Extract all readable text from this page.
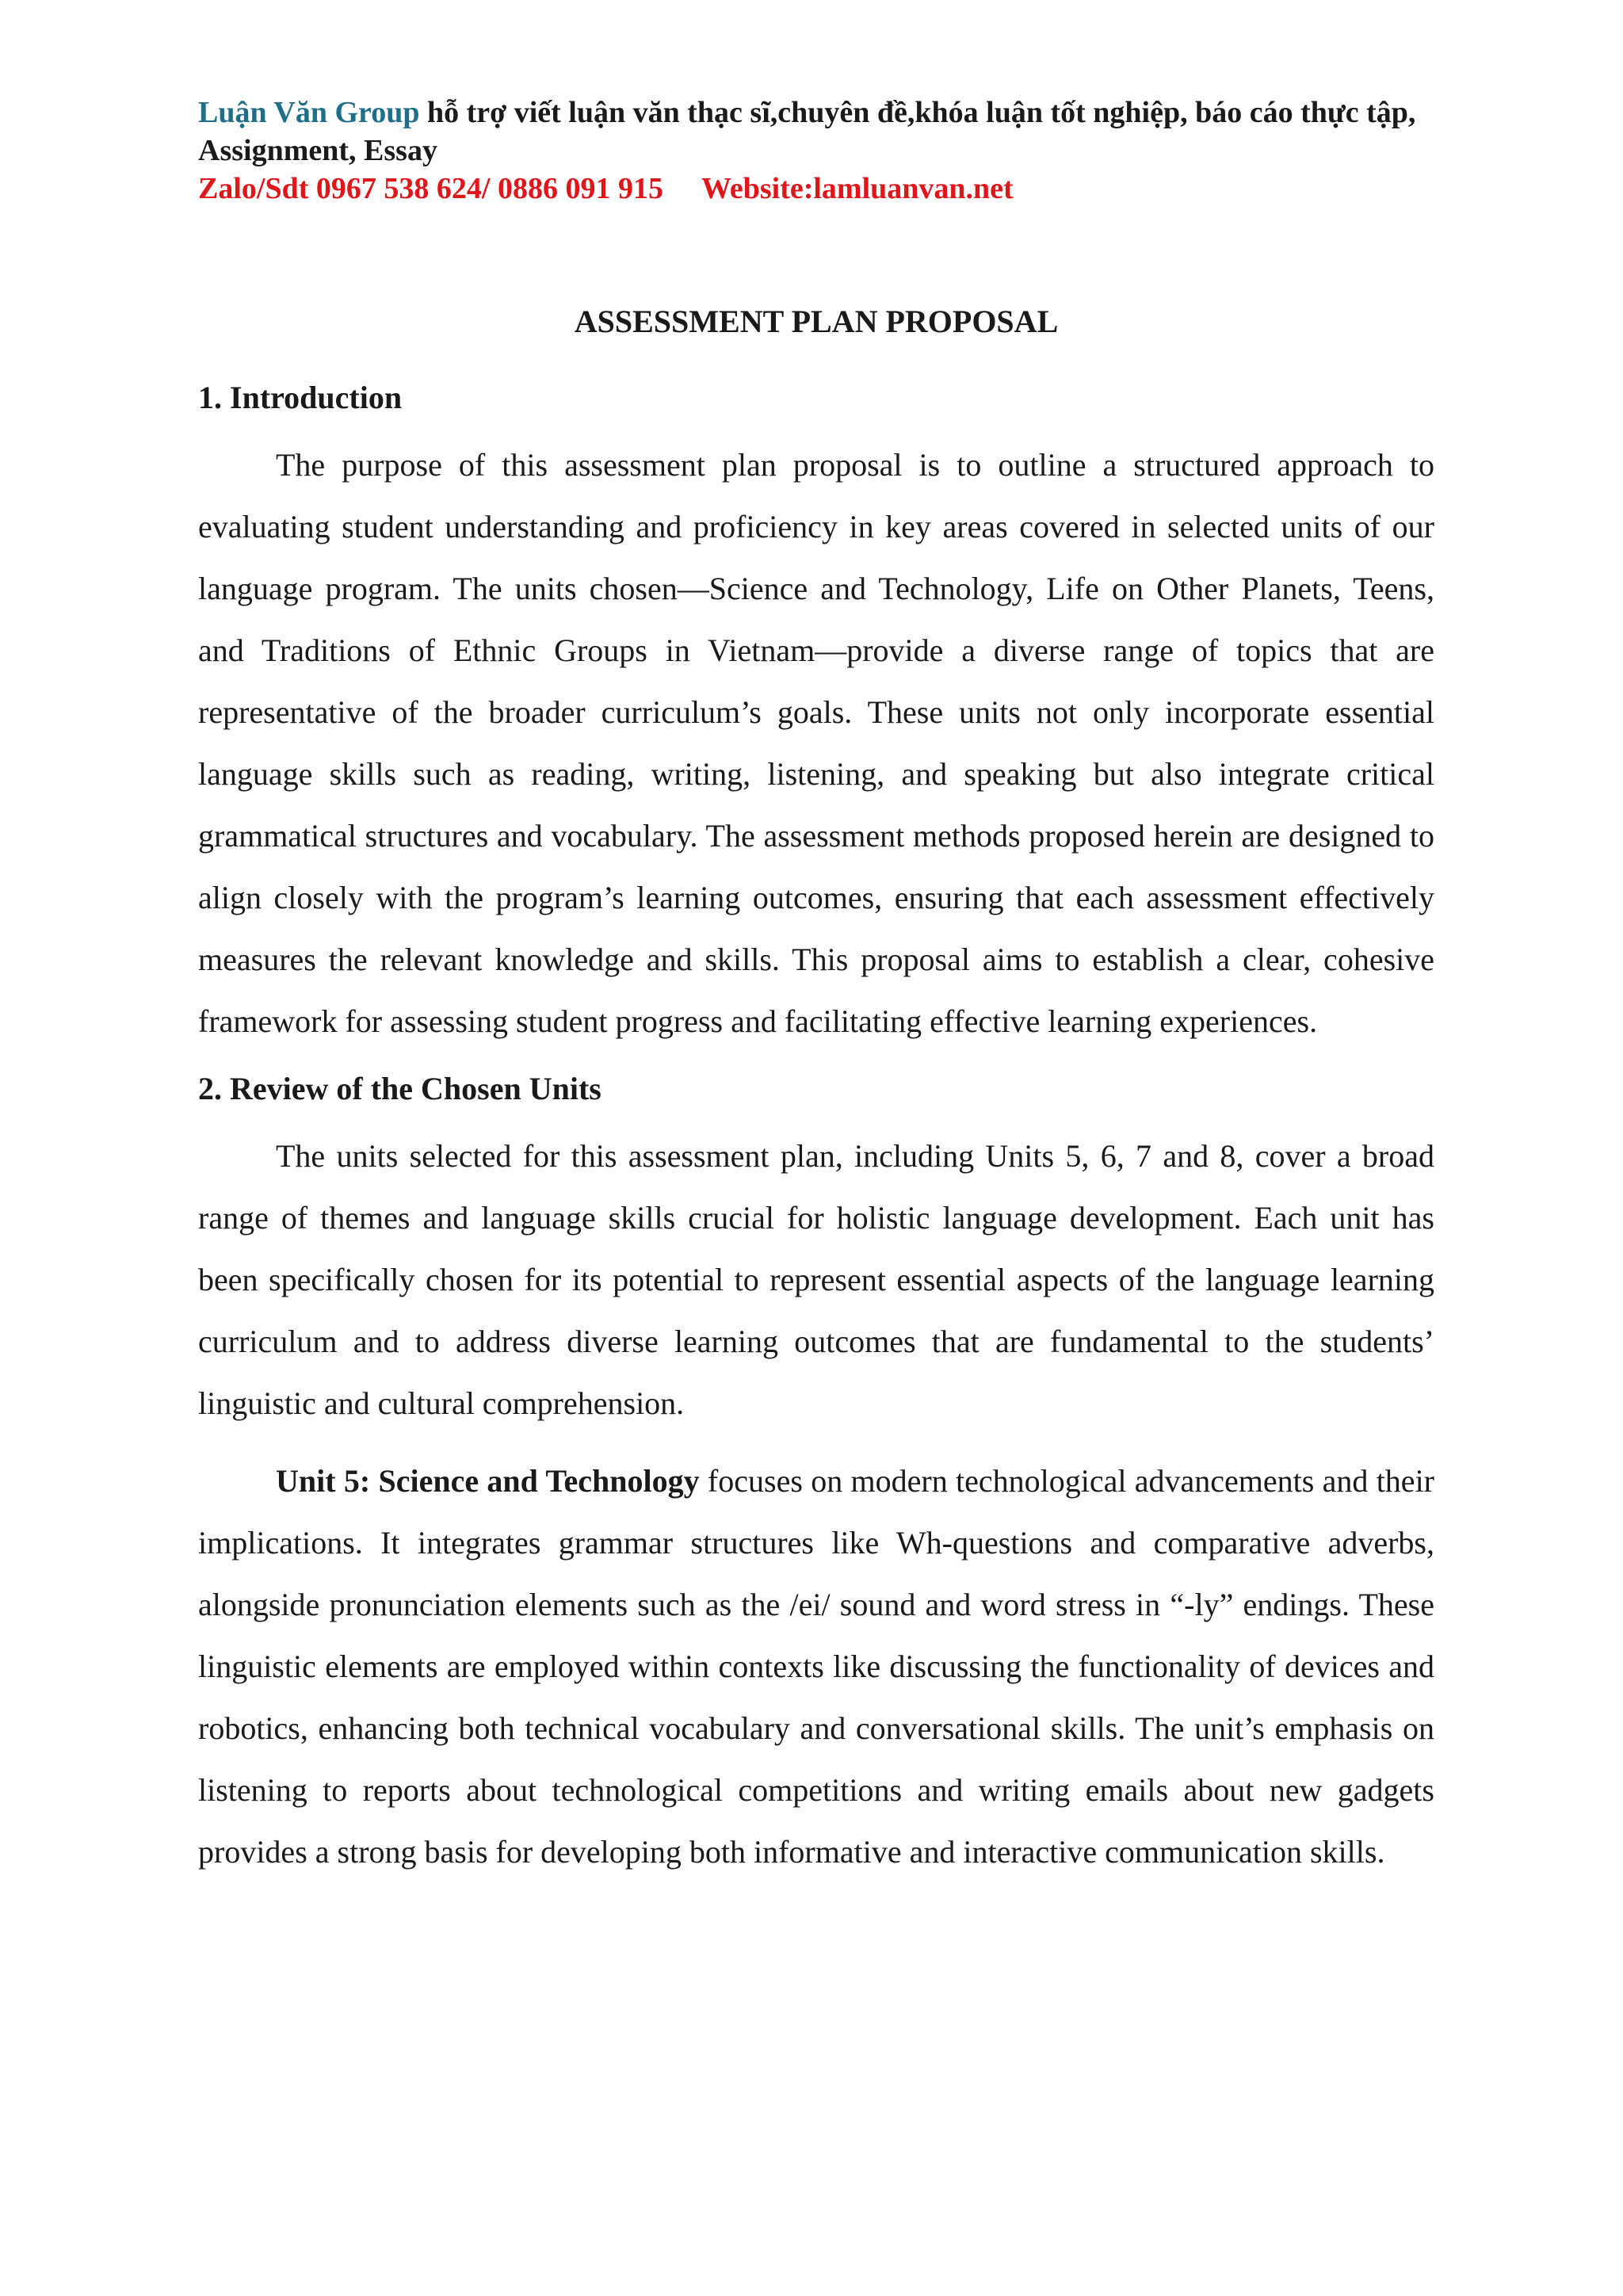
Luận Văn Group hỗ trợ viết luận văn thạc sĩ,chuyên đề,khóa luận tốt nghiệp, báo cáo thực tập, Assignment, Essay
Zalo/Sdt 0967 538 624/ 0886 091 915 Website:lamluanvan.net
ASSESSMENT PLAN PROPOSAL
1. Introduction

The purpose of this assessment plan proposal is to outline a structured approach to evaluating student understanding and proficiency in key areas covered in selected units of our language program. The units chosen—Science and Technology, Life on Other Planets, Teens, and Traditions of Ethnic Groups in Vietnam—provide a diverse range of topics that are representative of the broader curriculum’s goals. These units not only incorporate essential language skills such as reading, writing, listening, and speaking but also integrate critical grammatical structures and vocabulary. The assessment methods proposed herein are designed to align closely with the program’s learning outcomes, ensuring that each assessment effectively measures the relevant knowledge and skills. This proposal aims to establish a clear, cohesive framework for assessing student progress and facilitating effective learning experiences.

2. Review of the Chosen Units

The units selected for this assessment plan, including Units 5, 6, 7 and 8, cover a broad range of themes and language skills crucial for holistic language development. Each unit has been specifically chosen for its potential to represent essential aspects of the language learning curriculum and to address diverse learning outcomes that are fundamental to the students’ linguistic and cultural comprehension.

Unit 5: Science and Technology focuses on modern technological advancements and their implications. It integrates grammar structures like Wh-questions and comparative adverbs, alongside pronunciation elements such as the /ei/ sound and word stress in “-ly” endings. These linguistic elements are employed within contexts like discussing the functionality of devices and robotics, enhancing both technical vocabulary and conversational skills. The unit’s emphasis on listening to reports about technological competitions and writing emails about new gadgets provides a strong basis for developing both informative and interactive communication skills.
